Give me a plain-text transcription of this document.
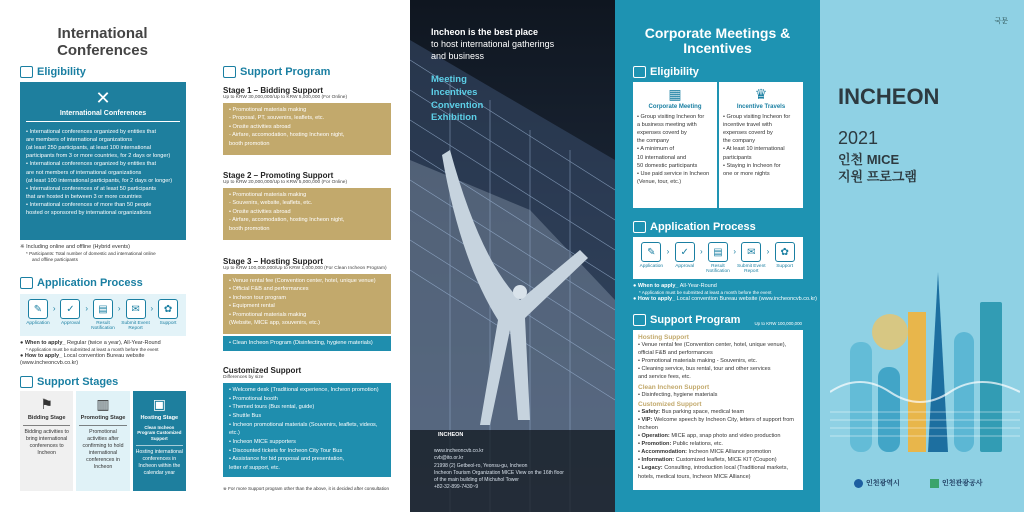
International
Conferences
Eligibility
✕
International Conferences
• International conferences organized by entities that
are members of international organizations
(at least 250 participants, at least 100 international
participants from 3 or more countries, for 2 days or longer)
• International conferences organized by entities that
are not members of international organizations
(at least 100 international participants, for 2 days or longer)
• International conferences of at least 50 participants
that are hosted in between 3 or more countries
• International conferences of more than 50 people
hosted or sponsored by international organizations
※ Including online and offline (Hybrid events)
* Participants: Total number of domestic and international online
and offline participants
Application Process
✎
Application
›	✓
Approval
›	▤
Result Notification
›	✉
Submit Event Report
›	✿
Support
● When to apply_ Regular (twice a year), All-Year-Round
* Application must be submitted at least a month before the event
● How to apply_ Local convention Bureau website (www.incheoncvb.co.kr)
Support Stages
⚑
Bidding Stage
Bidding activities to bring international conferences to Incheon
▥
Promoting Stage
Promotional activities after confirming to hold international conferences in Incheon
▣
Hosting Stage
Clean Incheon Program Customized Support
Hosting international conferences in Incheon within the calendar year
Support Program
Stage 1 – Bidding Support
Up to KRW 30,000,000/Up to KRW 5,000,000 (For Online)
• Promotional materials making
- Proposal, PT, souvenirs, leaflets, etc.
• Onsite activities abroad
- Airfare, accomodation, hosting Incheon night,
booth promotion
Stage 2 – Promoting Support
Up to KRW 20,000,000/Up to KRW 5,000,000 (For Online)
• Promotional materials making
- Souvenirs, website, leaflets, etc.
• Onsite activities abroad
- Airfare, accomodation, hosting Incheon night,
booth promotion
Stage 3 – Hosting Support
Up to KRW 100,000,000/Up to KRW 1,000,000 (For Clean Incheon Program)
• Venue rental fee (Convention center, hotel, unique venue)
• Official F&B and performances
• Incheon tour program
• Equipment rental
• Promotional materials making
(Website, MICE app, souvenirs, etc.)
• Clean Incheon Program (Disinfecting, hygiene materials)
Customized Support
Differences by size
• Welcome desk (Traditional experience, Incheon promotion)
• Promotional booth
• Themed tours (Bus rental, guide)
• Shuttle Bus
• Incheon promotional materials (Souvenirs, leaflets, videos, etc.)
• Incheon MICE supporters
• Discounted tickets for Incheon City Tour Bus
• Assistance for bid proposal and presentation,
letter of support, etc.
※ For more Support program other than the above, it is decided after consultation
Incheon is the best place
to host international gatherings
and business
Meeting
Incentives
Convention
Exhibition
INCHEON
www.incheoncvb.co.kr
cvb@ito.or.kr
21998 (2) Getbeol-ro, Yeonsu-gu, Incheon
Incheon Tourism Organization MICE View on the 16th floor
of the main building of Michuhol Tower
+82-32-899-7430~9
Corporate Meetings &
Incentives
Eligibility
▦
Corporate Meeting
• Group visiting Incheon for
a business meeting with
expenses coverd by
the company
• A minimum of
10 international and
50 domestic participants
• Use paid service in Incheon
(Venue, tour, etc.)
♛
Incentive Travels
• Group visiting Incheon for
incentive travel with
expenses coverd by
the company
• At least 10 international
participants
• Staying in Incheon for
one or more nights
Application Process
✎
Application
›	✓
Approval
›	▤
Result Notification
›	✉
Submit Event Report
›	✿
Support
● When to apply_ All-Year-Round
* Application must be submitted at least a month before the event
● How to apply_ Local convention Bureau website (www.incheoncvb.co.kr)
Support Program	Up to KRW 100,000,000
Hosting Support
• Venue rental fee (Convention center, hotel, unique venue),
official F&B and performances
• Promotional materials making - Souvenirs, etc.
• Cleaning service, bus rental, tour and other services
and service fees, etc.
Clean Incheon Support
• Disinfecting, hygiene materials
Customized Support
• Safety: Bus parking space, medical team
• VIP: Welcome speech by Incheon City, letters of support from Incheon
• Operation: MICE app, snap photo and video production
• Promotion: Public relations, etc.
• Accommodation: Incheon MICE Alliance promotion
• Information: Customized leaflets, MICE KIT (Coupon)
• Legacy: Consulting, introduction local (Traditional markets,
hotels, medical tours, Incheon MICE Alliance)
국문
INCHEON
2021
인천 MICE
지원 프로그램
인천광역시	인천관광공사
